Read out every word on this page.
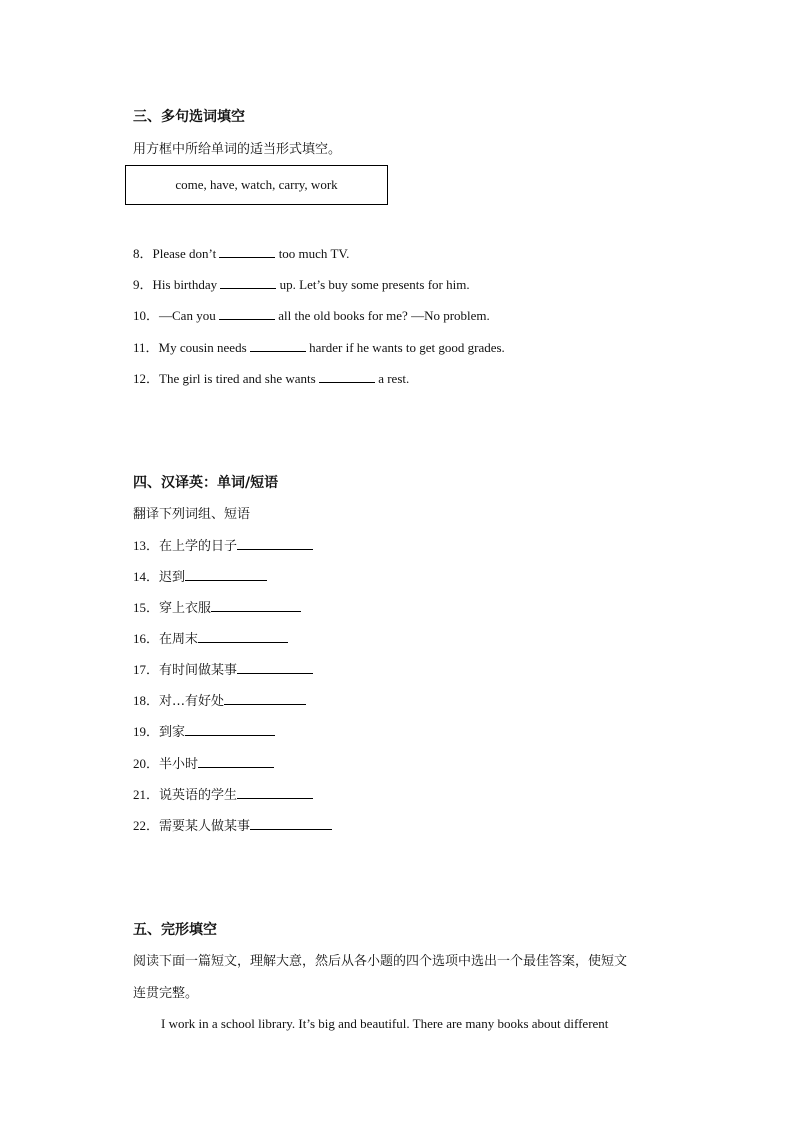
三、多句选词填空
用方框中所给单词的适当形式填空。
come, have, watch, carry, work
8．Please don’t	too much TV.
9．His birthday	up. Let’s buy some presents for him.
10．—Can you	all the old books for me? —No problem.
11．My cousin needs	harder if he wants to get good grades.
12．The girl is tired and she wants	a rest.
四、汉译英：单词/短语
翻译下列词组、短语
13．在上学的日子
14．迟到
15．穿上衣服
16．在周末
17．有时间做某事
18．对…有好处
19．到家
20．半小时
21．说英语的学生
22．需要某人做某事
五、完形填空
阅读下面一篇短文，理解大意，然后从各小题的四个选项中选出一个最佳答案，使短文
连贯完整。
I work in a school library. It’s big and beautiful. There are many books about different
